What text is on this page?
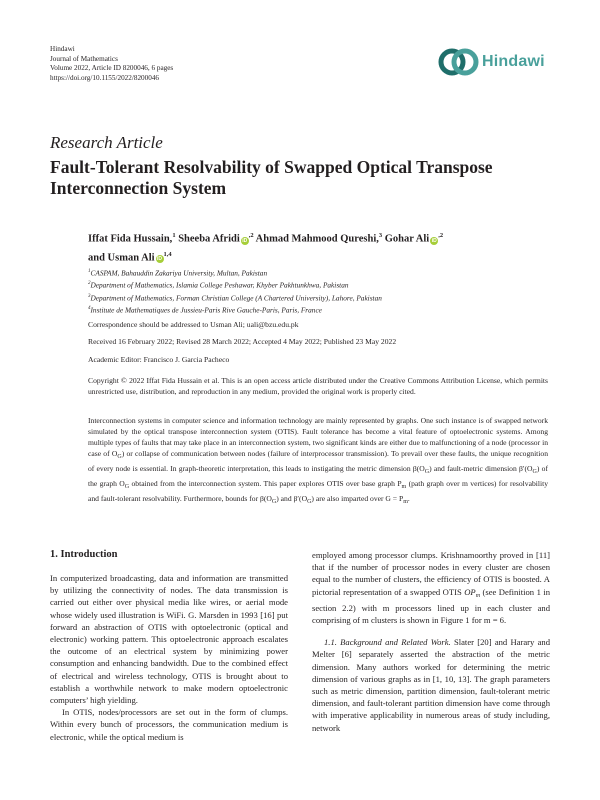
Hindawi
Journal of Mathematics
Volume 2022, Article ID 8200046, 6 pages
https://doi.org/10.1155/2022/8200046
Hindawi
Research Article
Fault-Tolerant Resolvability of Swapped Optical Transpose Interconnection System
Iffat Fida Hussain,$^1$ Sheeba Afridi $iD^{,2}$ Ahmad Mahmood Qureshi,$^3$ Gohar Ali $iD^{,2}$
and Usman Ali iD$^{1,4}$
$^1$CASPAM, Bahauddin Zakariya University, Multan, Pakistan
$^2$Department of Mathematics, Islamia College Peshawar, Khyber Pakhtunkhwa, Pakistan
$^3$Department of Mathematics, Forman Christian College (A Chartered University), Lahore, Pakistan
$^4$Institute de Mathematiques de Jussieu-Paris Rive Gauche-Paris, Paris, France
Correspondence should be addressed to Usman Ali; uali@bzu.edu.pk
Received 16 February 2022; Revised 28 March 2022; Accepted 4 May 2022; Published 23 May 2022
Academic Editor: Francisco J. Garcia Pacheco
Copyright © 2022 Iffat Fida Hussain et al. This is an open access article distributed under the Creative Commons Attribution License, which permits unrestricted use, distribution, and reproduction in any medium, provided the original work is properly cited.
Interconnection systems in computer science and information technology are mainly represented by graphs. One such instance is of swapped network simulated by the optical transpose interconnection system (OTIS). Fault tolerance has become a vital feature of optoelectronic systems. Among multiple types of faults that may take place in an interconnection system, two significant kinds are either due to malfunctioning of a node (processor in case of $O_G$) or collapse of communication between nodes (failure of interprocessor transmission). To prevail over these faults, the unique recognition of every node is essential. In graph-theoretic interpretation, this leads to instigating the metric dimension $\beta(O_G)$ and fault-metric dimension $\beta'(O_G)$ of the graph $O_G$ obtained from the interconnection system. This paper explores OTIS over base graph $P_m$ (path graph over m vertices) for resolvability and fault-tolerant resolvability. Furthermore, bounds for $\beta(O_G)$ and $\beta'(O_G)$ are also imparted over $G = P_m$.
1. Introduction
In computerized broadcasting, data and information are transmitted by utilizing the connectivity of nodes. The data transmission is carried out either over physical media like wires, or aerial mode whose widely used illustration is WiFi. G. Marsden in 1993 [16] put forward an abstraction of OTIS with optoelectronic (optical and electronic) working pattern. This optoelectronic approach escalates the outcome of an electrical system by minimizing power consumption and enhancing bandwidth. Due to the combined effect of electrical and wireless technology, OTIS is brought about to establish a worthwhile network to make modern optoelectronic computers’ high yielding.
In OTIS, nodes/processors are set out in the form of clumps. Within every bunch of processors, the communication medium is electronic, while the optical medium is
employed among processor clumps. Krishnamoorthy proved in [11] that if the number of processor nodes in every cluster are chosen equal to the number of clusters, the efficiency of OTIS is boosted. A pictorial representation of a swapped OTIS $OP_m$ (see Definition 1 in section 2.2) with m processors lined up in each cluster and comprising of m clusters is shown in Figure 1 for m = 6.
1.1. Background and Related Work. Slater [20] and Harary and Melter [6] separately asserted the abstraction of the metric dimension. Many authors worked for determining the metric dimension of various graphs as in [1, 10, 13]. The graph parameters such as metric dimension, partition dimension, fault-tolerant metric dimension, and fault-tolerant partition dimension have come through with imperative applicability in numerous areas of study including, network
